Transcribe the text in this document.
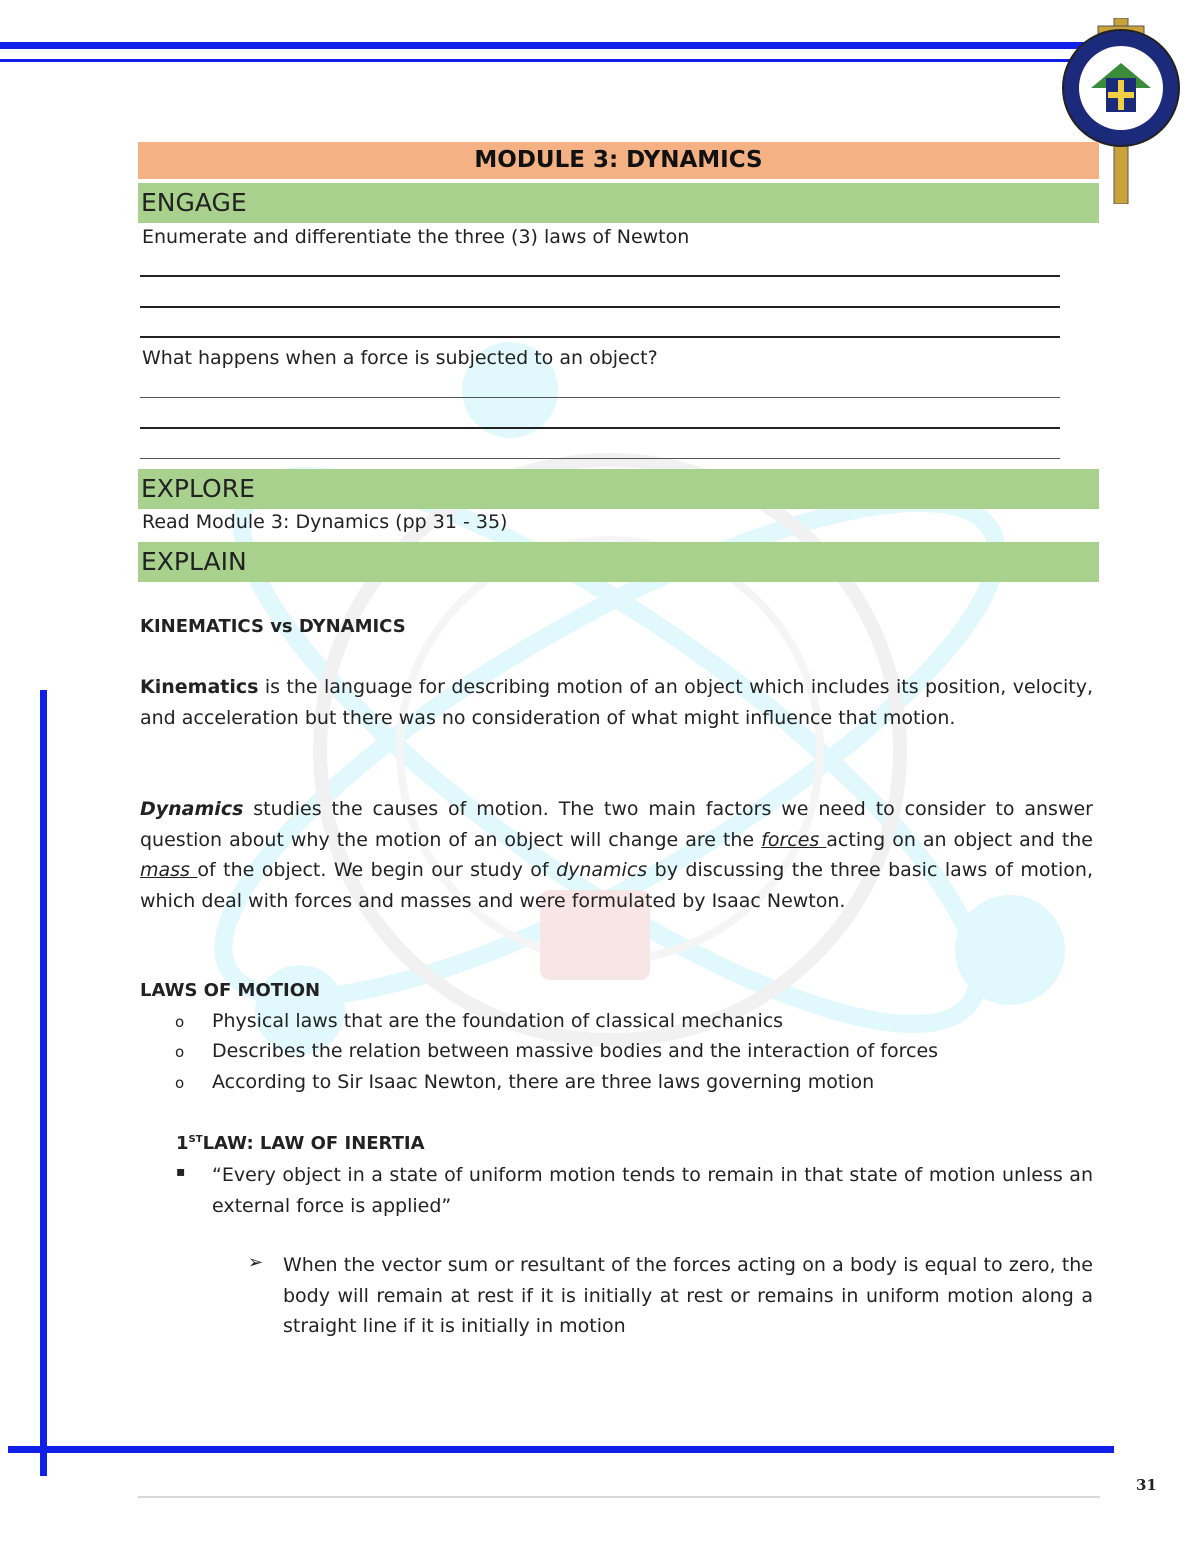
MODULE 3: DYNAMICS
ENGAGE
Enumerate and differentiate the three (3) laws of Newton
What happens when a force is subjected to an object?
EXPLORE
Read Module 3: Dynamics (pp 31 - 35)
EXPLAIN
KINEMATICS vs DYNAMICS
Kinematics is the language for describing motion of an object which includes its position, velocity, and acceleration but there was no consideration of what might influence that motion.
Dynamics studies the causes of motion. The two main factors we need to consider to answer question about why the motion of an object will change are the forces acting on an object and the mass of the object. We begin our study of dynamics by discussing the three basic laws of motion, which deal with forces and masses and were formulated by Isaac Newton.
LAWS OF MOTION
o Physical laws that are the foundation of classical mechanics
o Describes the relation between massive bodies and the interaction of forces
o According to Sir Isaac Newton, there are three laws governing motion
1STLAW: LAW OF INERTIA
▪	“Every object in a state of uniform motion tends to remain in that state of motion unless an external force is applied”
➢	When the vector sum or resultant of the forces acting on a body is equal to zero, the body will remain at rest if it is initially at rest or remains in uniform motion along a straight line if it is initially in motion
31
